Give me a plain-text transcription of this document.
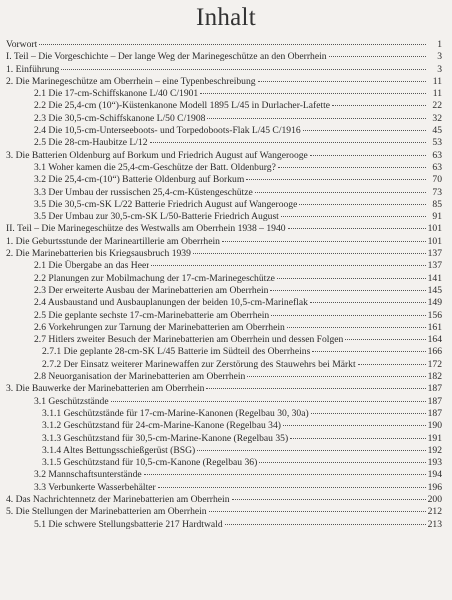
Inhalt
Vorwort	1
I. Teil – Die Vorgeschichte – Der lange Weg der Marinegeschütze an den Oberrhein	3
1. Einführung	3
2. Die Marinegeschütze am Oberrhein – eine Typenbeschreibung	11
2.1 Die 17-cm-Schiffskanone L/40 C/1901	11
2.2 Die 25,4-cm (10“)-Küstenkanone Modell 1895 L/45 in Durlacher-Lafette	22
2.3 Die 30,5-cm-Schiffskanone L/50 C/1908	32
2.4 Die 10,5-cm-Unterseeboots- und Torpedoboots-Flak L/45 C/1916	45
2.5 Die 28-cm-Haubitze L/12	53
3. Die Batterien Oldenburg auf Borkum und Friedrich August auf Wangerooge	63
3.1 Woher kamen die 25,4-cm-Geschütze der Batt. Oldenburg?	63
3.2 Die 25,4-cm-(10“) Batterie Oldenburg auf Borkum	70
3.3 Der Umbau der russischen 25,4-cm-Küstengeschütze	73
3.5 Die 30,5-cm-SK L/22 Batterie Friedrich August auf Wangerooge	85
3.5 Der Umbau zur 30,5-cm-SK L/50-Batterie Friedrich August	91
II. Teil – Die Marinegeschütze des Westwalls am Oberrhein 1938 – 1940	101
1. Die Geburtsstunde der Marineartillerie am Oberrhein	101
2. Die Marinebatterien bis Kriegsausbruch 1939	137
2.1 Die Übergabe an das Heer	137
2.2 Planungen zur Mobilmachung der 17-cm-Marinegeschütze	141
2.3 Der erweiterte Ausbau der Marinebatterien am Oberrhein	145
2.4 Ausbaustand und Ausbauplanungen der beiden 10,5-cm-Marineflak	149
2.5 Die geplante sechste 17-cm-Marinebatterie am Oberrhein	156
2.6 Vorkehrungen zur Tarnung der Marinebatterien am Oberrhein	161
2.7 Hitlers zweiter Besuch der Marinebatterien am Oberrhein und dessen Folgen	164
2.7.1 Die geplante 28-cm-SK L/45 Batterie im Südteil des Oberrheins	166
2.7.2 Der Einsatz weiterer Marinewaffen zur Zerstörung des Stauwehrs bei Märkt	172
2.8 Neuorganisation der Marinebatterien am Oberrhein	182
3. Die Bauwerke der Marinebatterien am Oberrhein	187
3.1 Geschützstände	187
3.1.1 Geschützstände für 17-cm-Marine-Kanonen (Regelbau 30, 30a)	187
3.1.2 Geschützstand für 24-cm-Marine-Kanone (Regelbau 34)	190
3.1.3 Geschützstand für 30,5-cm-Marine-Kanone (Regelbau 35)	191
3.1.4 Altes Bettungsschießgerüst (BSG)	192
3.1.5 Geschützstand für 10,5-cm-Kanone (Regelbau 36)	193
3.2 Mannschaftsunterstände	194
3.3 Verbunkerte Wasserbehälter	196
4. Das Nachrichtennetz der Marinebatterien am Oberrhein	200
5. Die Stellungen der Marinebatterien am Oberrhein	212
5.1 Die schwere Stellungsbatterie 217 Hardtwald	213
